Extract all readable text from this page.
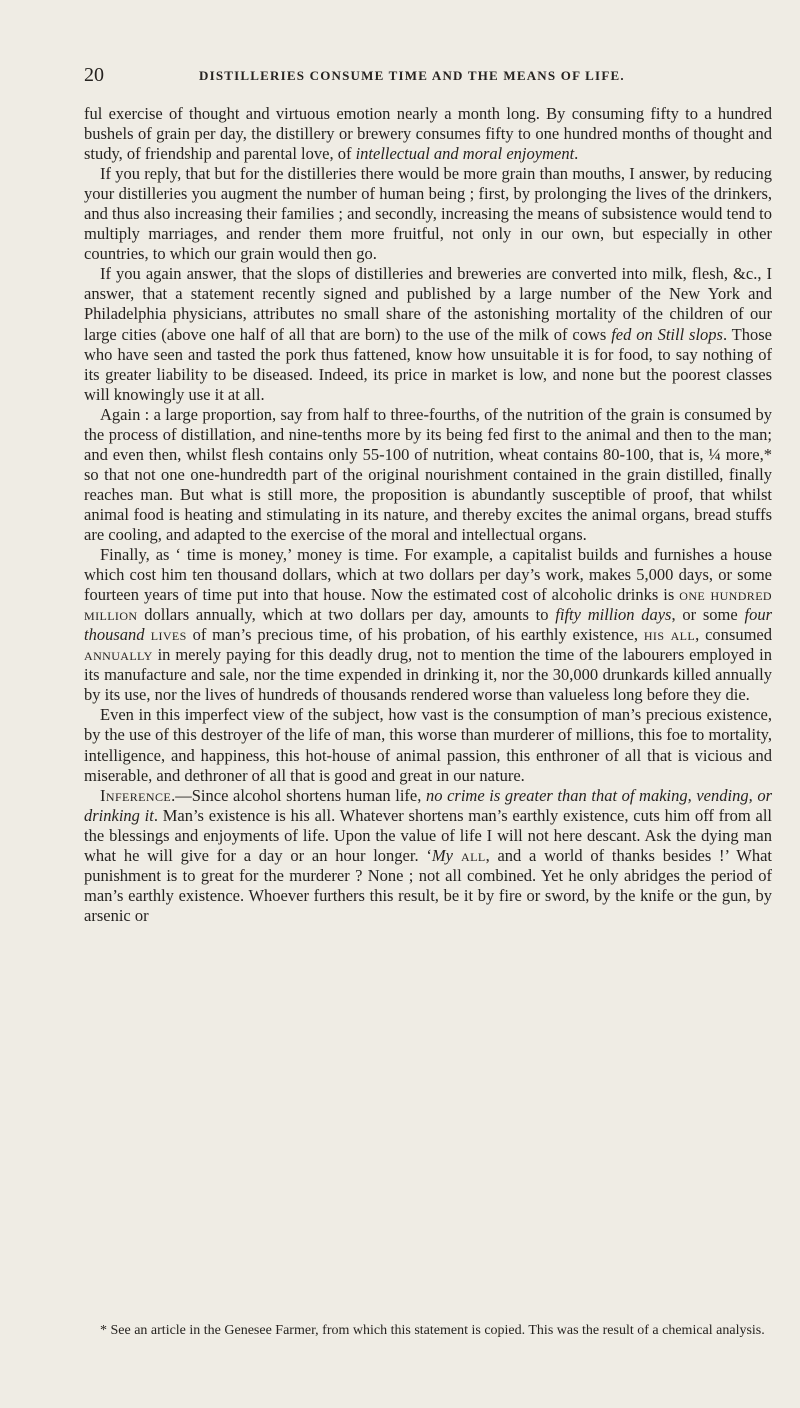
20	DISTILLERIES CONSUME TIME AND THE MEANS OF LIFE.

ful exercise of thought and virtuous emotion nearly a month long. By consuming fifty to a hundred bushels of grain per day, the distillery or brewery consumes fifty to one hundred months of thought and study, of friendship and parental love, of intellectual and moral enjoyment.

If you reply, that but for the distilleries there would be more grain than mouths, I answer, by reducing your distilleries you augment the number of human being ; first, by prolonging the lives of the drinkers, and thus also increasing their families ; and secondly, increasing the means of subsistence would tend to multiply marriages, and render them more fruitful, not only in our own, but especially in other countries, to which our grain would then go.

If you again answer, that the slops of distilleries and breweries are converted into milk, flesh, &c., I answer, that a statement recently signed and published by a large number of the New York and Philadelphia physicians, attributes no small share of the astonishing mortality of the children of our large cities (above one half of all that are born) to the use of the milk of cows fed on Still slops. Those who have seen and tasted the pork thus fattened, know how unsuitable it is for food, to say nothing of its greater liability to be diseased. Indeed, its price in market is low, and none but the poorest classes will knowingly use it at all.

Again : a large proportion, say from half to three-fourths, of the nutrition of the grain is consumed by the process of distillation, and nine-tenths more by its being fed first to the animal and then to the man; and even then, whilst flesh contains only 55-100 of nutrition, wheat contains 80-100, that is, ¼ more,* so that not one one-hundredth part of the original nourishment contained in the grain distilled, finally reaches man. But what is still more, the proposition is abundantly susceptible of proof, that whilst animal food is heating and stimulating in its nature, and thereby excites the animal organs, bread stuffs are cooling, and adapted to the exercise of the moral and intellectual organs.

Finally, as ‘ time is money,’ money is time. For example, a capitalist builds and furnishes a house which cost him ten thousand dollars, which at two dollars per day’s work, makes 5,000 days, or some fourteen years of time put into that house. Now the estimated cost of alcoholic drinks is one hundred million dollars annually, which at two dollars per day, amounts to fifty million days, or some four thousand lives of man’s precious time, of his probation, of his earthly existence, his all, consumed annually in merely paying for this deadly drug, not to mention the time of the labourers employed in its manufacture and sale, nor the time expended in drinking it, nor the 30,000 drunkards killed annually by its use, nor the lives of hundreds of thousands rendered worse than valueless long before they die.

Even in this imperfect view of the subject, how vast is the consumption of man’s precious existence, by the use of this destroyer of the life of man, this worse than murderer of millions, this foe to mortality, intelligence, and happiness, this hot-house of animal passion, this enthroner of all that is vicious and miserable, and dethroner of all that is good and great in our nature.

Inference.—Since alcohol shortens human life, no crime is greater than that of making, vending, or drinking it. Man’s existence is his all. Whatever shortens man’s earthly existence, cuts him off from all the blessings and enjoyments of life. Upon the value of life I will not here descant. Ask the dying man what he will give for a day or an hour longer. ‘My all, and a world of thanks besides !’ What punishment is to great for the murderer ? None ; not all combined. Yet he only abridges the period of man’s earthly existence. Whoever furthers this result, be it by fire or sword, by the knife or the gun, by arsenic or

* See an article in the Genesee Farmer, from which this statement is copied. This was the result of a chemical analysis.
